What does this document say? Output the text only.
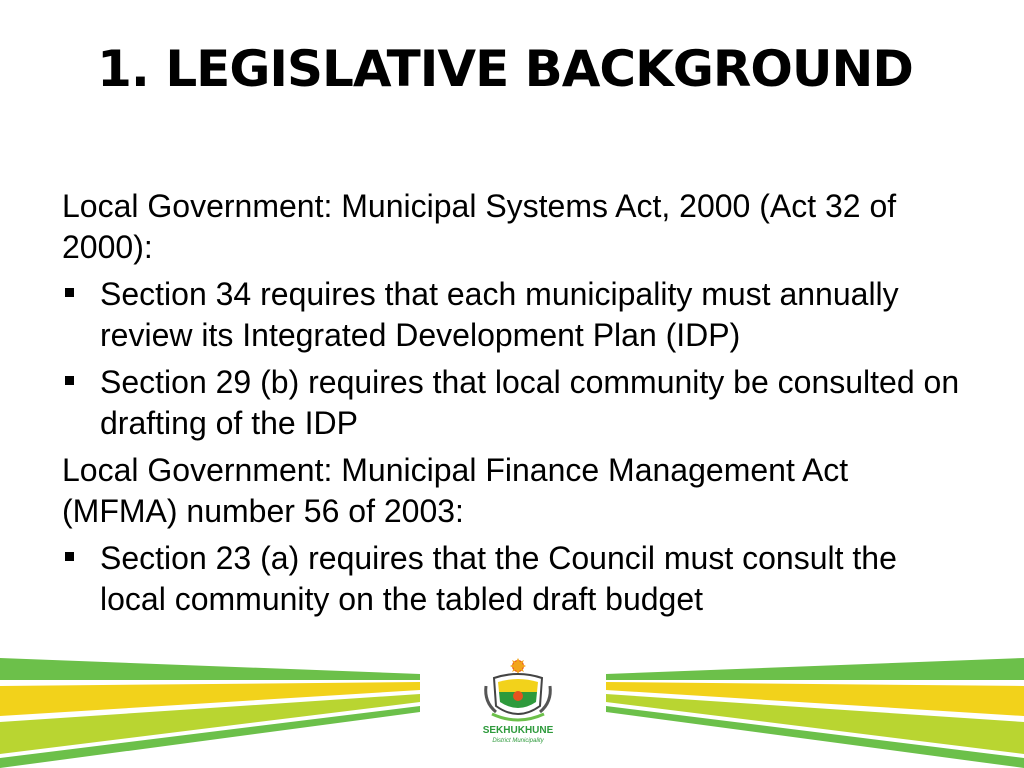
1. LEGISLATIVE BACKGROUND

Local Government: Municipal Systems Act, 2000 (Act 32 of 2000):

Section 34 requires that each municipality must annually review its Integrated Development Plan (IDP)
Section 29 (b) requires that local community be consulted on drafting of the IDP

Local Government: Municipal Finance Management Act (MFMA) number 56 of 2003:

Section 23 (a) requires that the Council must consult the local community on the tabled draft budget
SEKHUKHUNE
District Municipality
